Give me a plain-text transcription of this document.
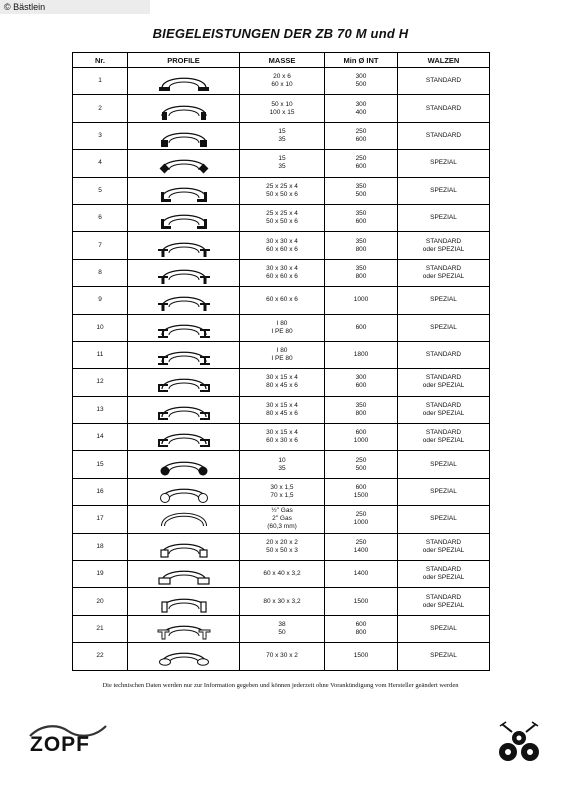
© Bästlein
BIEGELEISTUNGEN DER ZB 70 M und H
Nr.	PROFILE	MASSE	Min Ø INT	WALZEN
1		20 x 6
60 x 10	300
500	STANDARD

2		50 x 10
100 x 15	300
400	STANDARD

3		15
35	250
600	STANDARD

4		15
35	250
600	SPEZIAL

5		25 x 25 x 4
50 x 50 x 6	350
500	SPEZIAL

6		25 x 25 x 4
50 x 50 x 6	350
600	SPEZIAL

7		30 x 30 x 4
60 x 60 x 6	350
800	STANDARD
oder SPEZIAL

8		30 x 30 x 4
60 x 60 x 6	350
800	STANDARD
oder SPEZIAL

9		60 x 60 x 6	1000	SPEZIAL

10		I 80
I PE 80	600	SPEZIAL

11		I 80
I PE 80	1800	STANDARD

12		30 x 15 x 4
80 x 45 x 6	300
600	STANDARD
oder SPEZIAL

13		30 x 15 x 4
80 x 45 x 6	350
800	STANDARD
oder SPEZIAL

14		30 x 15 x 4
60 x 30 x 6	600
1000	STANDARD
oder SPEZIAL

15		10
35	250
500	SPEZIAL

16		30 x 1,5
70 x 1,5	600
1500	SPEZIAL

17		½" Gas
2" Gas
(60,3 mm)	250
1000	SPEZIAL

18		20 x 20 x 2
50 x 50 x 3	250
1400	STANDARD
oder SPEZIAL

19		60 x 40 x 3,2	1400	STANDARD
oder SPEZIAL

20		80 x 30 x 3,2	1500	STANDARD
oder SPEZIAL

21		38
50	600
800	SPEZIAL

22		70 x 30 x 2	1500	SPEZIAL
Die technischen Daten werden nur zur Information gegeben und können jederzeit ohne Vorankündigung vom Hersteller geändert werden
ZOPF
